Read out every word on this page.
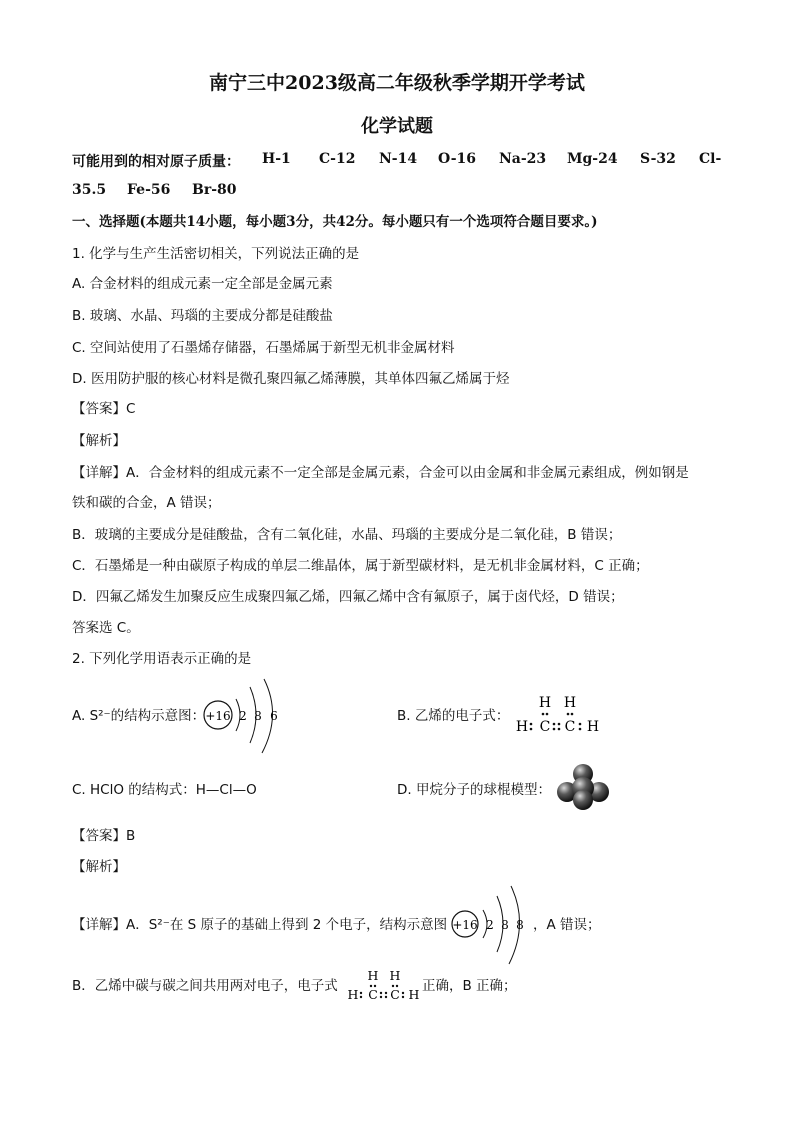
南宁三中2023级高二年级秋季学期开学考试
化学试题
可能用到的相对原子质量： H-1 C-12 N-14 O-16 Na-23 Mg-24 S-32 Cl-
35.5 Fe-56 Br-80
一、选择题(本题共14小题，每小题3分，共42分。每小题只有一个选项符合题目要求。)
1. 化学与生产生活密切相关，下列说法正确的是
A. 合金材料的组成元素一定全部是金属元素
B. 玻璃、水晶、玛瑙的主要成分都是硅酸盐
C. 空间站使用了石墨烯存储器，石墨烯属于新型无机非金属材料
D. 医用防护服的核心材料是微孔聚四氟乙烯薄膜，其单体四氟乙烯属于烃
【答案】C
【解析】
【详解】A．合金材料的组成元素不一定全部是金属元素，合金可以由金属和非金属元素组成，例如钢是
铁和碳的合金，A 错误；
B．玻璃的主要成分是硅酸盐，含有二氧化硅，水晶、玛瑙的主要成分是二氧化硅，B 错误；
C．石墨烯是一种由碳原子构成的单层二维晶体，属于新型碳材料，是无机非金属材料，C 正确；
D．四氟乙烯发生加聚反应生成聚四氟乙烯，四氟乙烯中含有氟原子，属于卤代烃，D 错误；
答案选 C。
2. 下列化学用语表示正确的是
A. S²⁻的结构示意图： +16 2 8 6	B. 乙烯的电子式：
H H
H C C H
C. HClO 的结构式：H—Cl—O	D. 甲烷分子的球棍模型：
【答案】B
【解析】
【详解】A．S²⁻在 S 原子的基础上得到 2 个电子，结构示意图 +16 2 8 8 ，A 错误；
B．乙烯中碳与碳之间共用两对电子，电子式
H H
H C C H
正确，B 正确；
